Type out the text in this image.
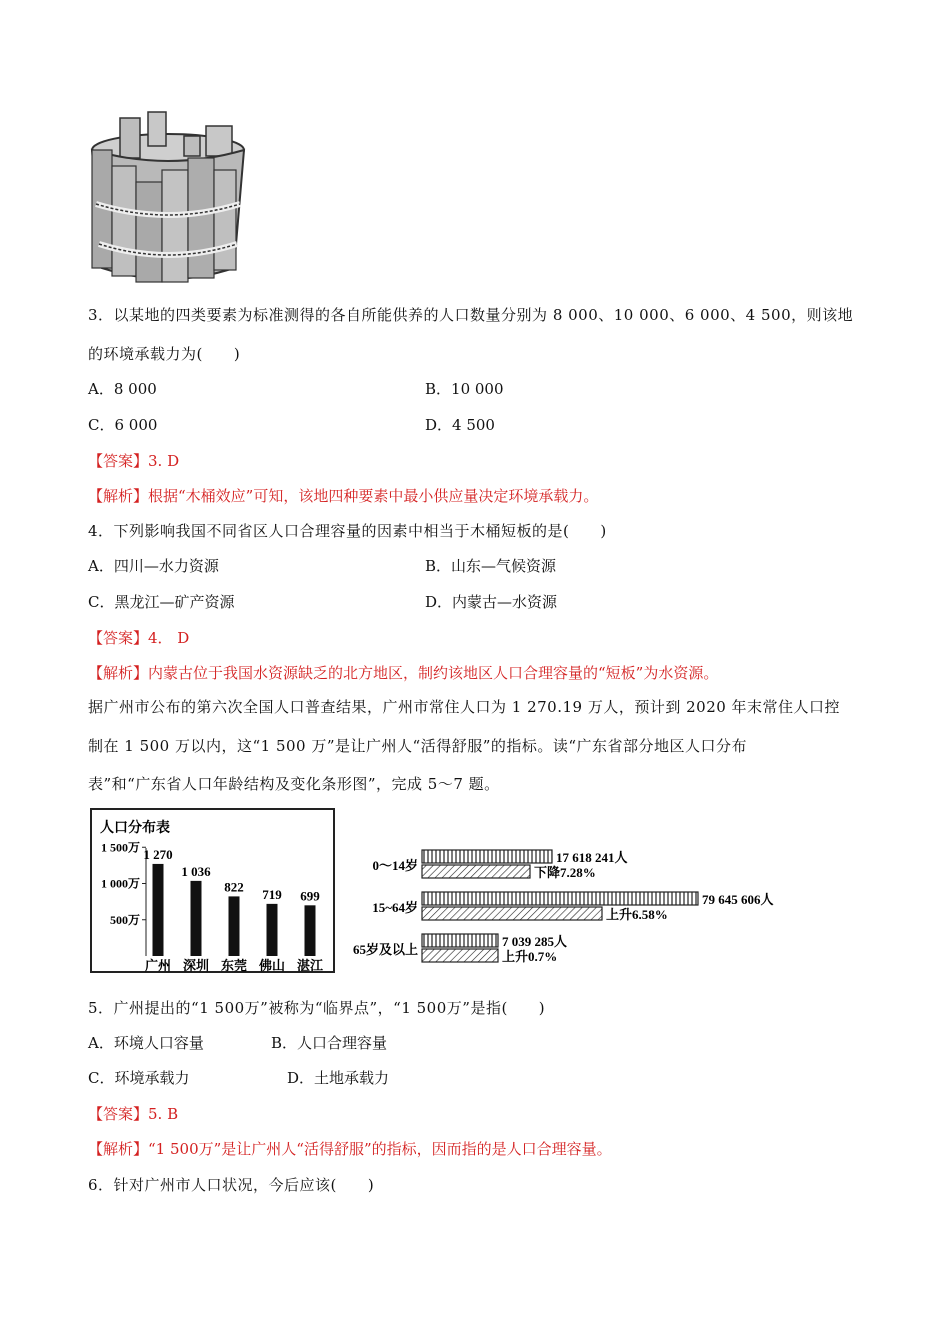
3．以某地的四类要素为标准测得的各自所能供养的人口数量分别为 8 000、10 000、6 000、4 500，则该地
的环境承载力为(　　)
A．8 000	B．10 000
C．6 000	D．4 500
【答案】3. D
【解析】根据“木桶效应”可知，该地四种要素中最小供应量决定环境承载力。
4．下列影响我国不同省区人口合理容量的因素中相当于木桶短板的是(　　)
A．四川—水力资源	B．山东—气候资源
C．黑龙江—矿产资源	D．内蒙古—水资源
【答案】4． D
【解析】内蒙古位于我国水资源缺乏的北方地区，制约该地区人口合理容量的“短板”为水资源。
据广州市公布的第六次全国人口普查结果，广州市常住人口为 1 270.19 万人，预计到 2020 年末常住人口控
制在 1 500 万以内，这“1 500 万”是让广州人“活得舒服”的指标。读“广东省部分地区人口分布
表”和“广东省人口年龄结构及变化条形图”，完成 5～7 题。
人口分布表
1 500万
1 000万
500万
1 270
广州
1 036
深圳
822
东莞
719
佛山
699
湛江
0～14岁
17 618 241人
下降7.28%
15~64岁
79 645 606人
上升6.58%
65岁及以上
7 039 285人
上升0.7%
5．广州提出的“1 500万”被称为“临界点”，“1 500万”是指(　　)
A．环境人口容量	B．人口合理容量
C．环境承载力	D．土地承载力
【答案】5. B
【解析】“1 500万”是让广州人“活得舒服”的指标，因而指的是人口合理容量。
6．针对广州市人口状况，今后应该(　　)
